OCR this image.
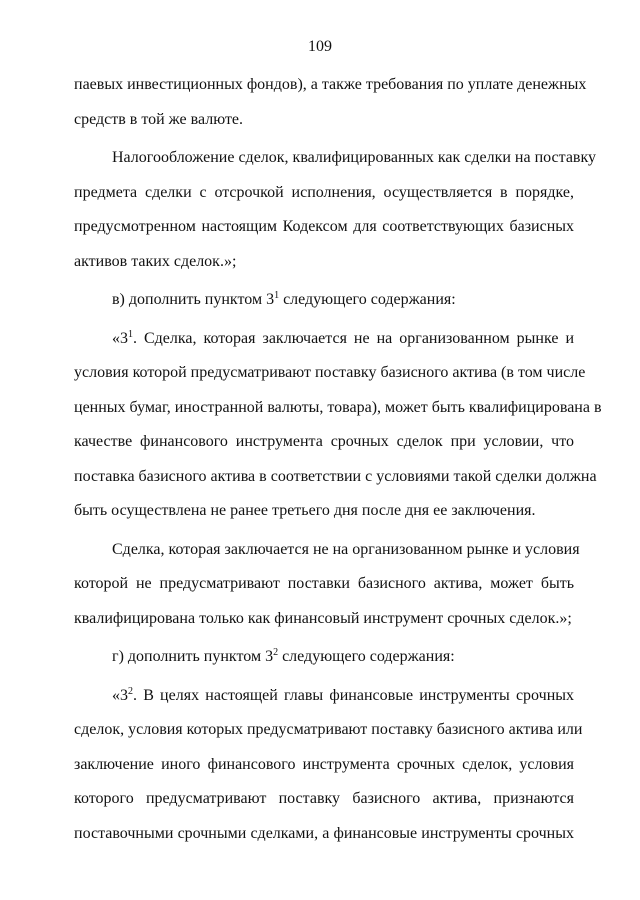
109
паевых инвестиционных фондов), а также требования по уплате денежных
средств в той же валюте.
Налогообложение сделок, квалифицированных как сделки на поставку
предмета сделки с отсрочкой исполнения, осуществляется в порядке,
предусмотренном настоящим Кодексом для соответствующих базисных
активов таких сделок.»;
в) дополнить пунктом $3^1$ следующего содержания:
«$3^1$. Сделка, которая заключается не на организованном рынке и
условия которой предусматривают поставку базисного актива (в том числе
ценных бумаг, иностранной валюты, товара), может быть квалифицирована в
качестве финансового инструмента срочных сделок при условии, что
поставка базисного актива в соответствии с условиями такой сделки должна
быть осуществлена не ранее третьего дня после дня ее заключения.
Сделка, которая заключается не на организованном рынке и условия
которой не предусматривают поставки базисного актива, может быть
квалифицирована только как финансовый инструмент срочных сделок.»;
г) дополнить пунктом $3^2$ следующего содержания:
«$3^2$. В целях настоящей главы финансовые инструменты срочных
сделок, условия которых предусматривают поставку базисного актива или
заключение иного финансового инструмента срочных сделок, условия
которого предусматривают поставку базисного актива, признаются
поставочными срочными сделками, а финансовые инструменты срочных
